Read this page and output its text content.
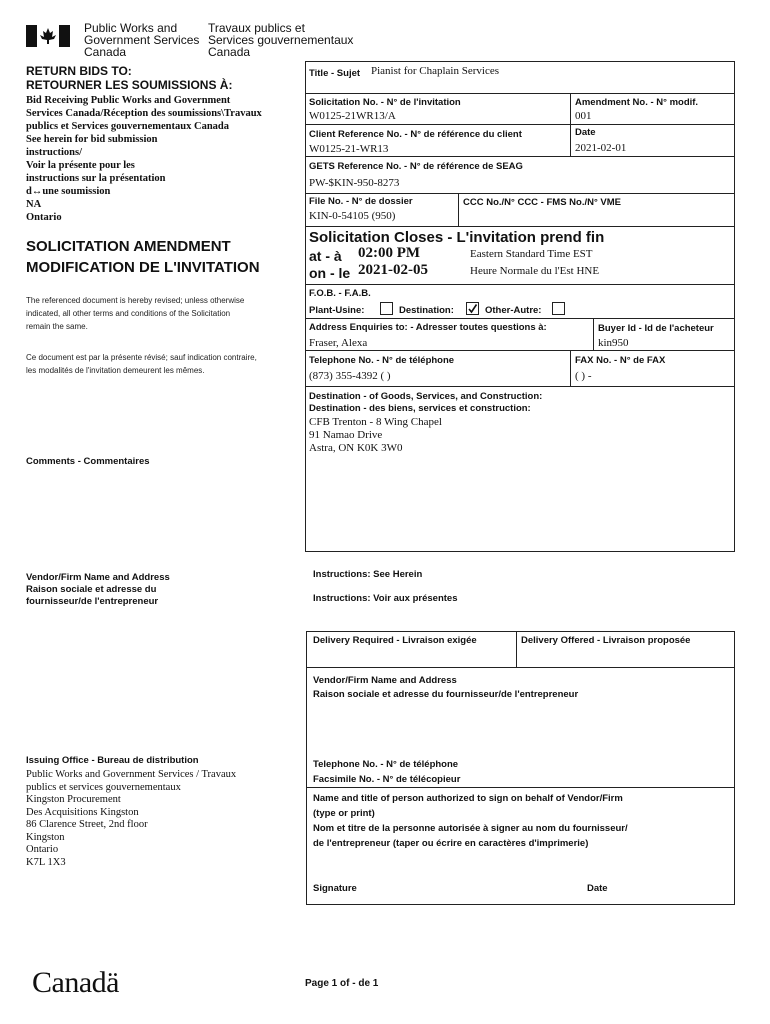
Public Works and
Government Services
Canada
Travaux publics et
Services gouvernementaux
Canada
RETURN BIDS TO:
RETOURNER LES SOUMISSIONS À:
Bid Receiving Public Works and Government
Services Canada/Réception des soumissions\Travaux
publics et Services gouvernementaux Canada
See herein for bid submission
instructions/
Voir la présente pour les
instructions sur la présentation
d↔une soumission
NA
Ontario
SOLICITATION AMENDMENT
MODIFICATION DE L'INVITATION
The referenced document is hereby revised; unless otherwise
indicated, all other terms and conditions of the Solicitation
remain the same.
Ce document est par la présente révisé; sauf indication contraire,
les modalités de l'invitation demeurent les mêmes.
Comments - Commentaires
Vendor/Firm Name and Address
Raison sociale et adresse du
fournisseur/de l'entrepreneur
Issuing Office - Bureau de distribution
Public Works and Government Services / Travaux
publics et services gouvernementaux
Kingston Procurement
Des Acquisitions Kingston
86 Clarence Street, 2nd floor
Kingston
Ontario
K7L 1X3
Title - Sujet Pianist for Chaplain Services
Solicitation No. - N° de l'invitation
W0125-21WR13/A
Amendment No. - N° modif.
001
Client Reference No. - N° de référence du client
W0125-21-WR13
Date
2021-02-01
GETS Reference No. - N° de référence de SEAG
PW-$KIN-950-8273
File No. - N° de dossier
KIN-0-54105 (950)
CCC No./N° CCC - FMS No./N° VME
Solicitation Closes - L'invitation prend fin
at - à 02:00 PM	Eastern Standard Time EST
on - le 2021-02-05	Heure Normale du l'Est HNE
F.O.B. - F.A.B.
Plant-Usine:	Destination:	Other-Autre:
Address Enquiries to: - Adresser toutes questions à:
Fraser, Alexa
Buyer Id - Id de l'acheteur
kin950
Telephone No. - N° de téléphone
(873) 355-4392 ( )
FAX No. - N° de FAX
( ) -
Destination - of Goods, Services, and Construction:
Destination - des biens, services et construction:
CFB Trenton - 8 Wing Chapel
91 Namao Drive
Astra, ON K0K 3W0
Instructions: See Herein
Instructions: Voir aux présentes
Delivery Required - Livraison exigée	Delivery Offered - Livraison proposée
Vendor/Firm Name and Address
Raison sociale et adresse du fournisseur/de l'entrepreneur
Telephone No. - N° de téléphone
Facsimile No. - N° de télécopieur
Name and title of person authorized to sign on behalf of Vendor/Firm
(type or print)
Nom et titre de la personne autorisée à signer au nom du fournisseur/
de l'entrepreneur (taper ou écrire en caractères d'imprimerie)
Signature	Date
Canadä	Page 1 of - de 1
